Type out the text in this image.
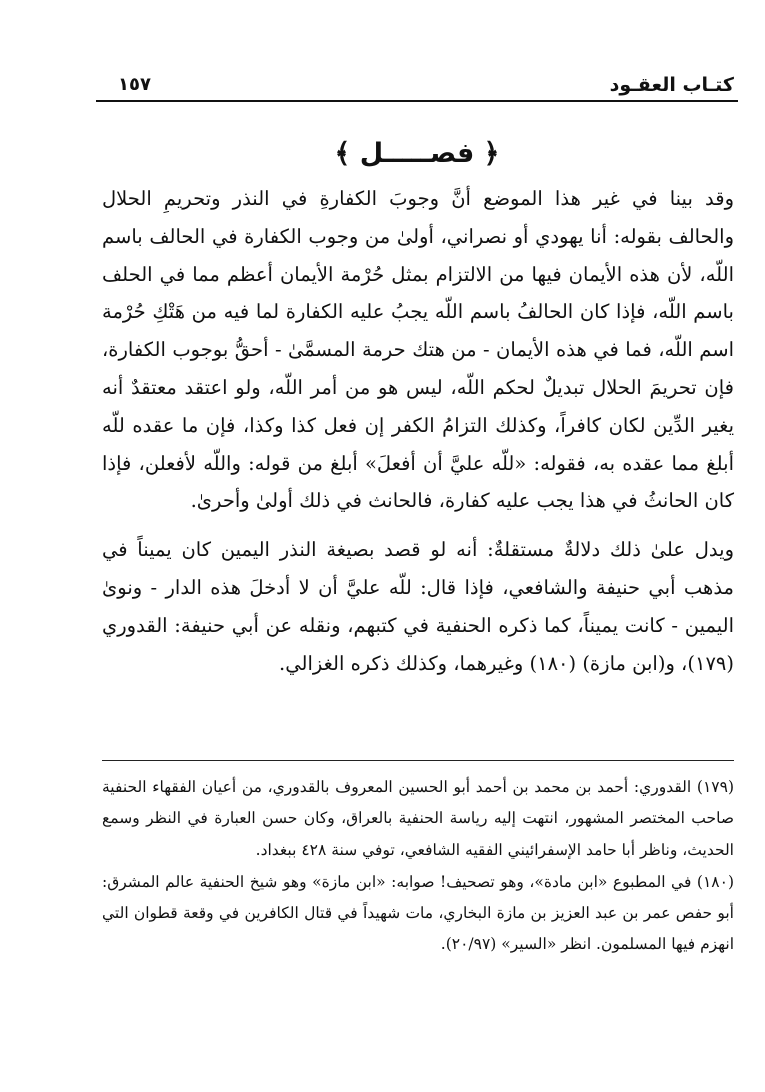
كتـاب العقـود
١٥٧
﴿ فصـــــل ﴾

وقد بينا في غير هذا الموضع أنَّ وجوبَ الكفارةِ في النذر وتحريمِ الحلال والحالف بقوله: أنا يهودي أو نصراني، أولىٰ من وجوب الكفارة في الحالف باسم اللّه، لأن هذه الأيمان فيها من الالتزام بمثل حُرْمة الأيمان أعظم مما في الحلف باسم اللّه، فإذا كان الحالفُ باسم اللّه يجبُ عليه الكفارة لما فيه من هَتْكِ حُرْمة اسم اللّه، فما في هذه الأيمان - من هتك حرمة المسمَّىٰ - أحقُّ بوجوب الكفارة، فإن تحريمَ الحلال تبديلٌ لحكم اللّه، ليس هو من أمر اللّه، ولو اعتقد معتقدٌ أنه يغير الدِّين لكان كافراً، وكذلك التزامُ الكفر إن فعل كذا وكذا، فإن ما عقده للّه أبلغ مما عقده به، فقوله: «للّه عليَّ أن أفعلَ» أبلغ من قوله: واللّه لأفعلن، فإذا كان الحانثُ في هذا يجب عليه كفارة، فالحانث في ذلك أولىٰ وأحرىٰ.

ويدل علىٰ ذلك دلالةٌ مستقلةٌ: أنه لو قصد بصيغة النذر اليمين كان يميناً في مذهب أبي حنيفة والشافعي، فإذا قال: للّه عليَّ أن لا أدخلَ هذه الدار - ونوىٰ اليمين - كانت يميناً، كما ذكره الحنفية في كتبهم، ونقله عن أبي حنيفة: القدوري (١٧٩)، و(ابن مازة) (١٨٠) وغيرهما، وكذلك ذكره الغزالي.

(١٧٩) القدوري: أحمد بن محمد بن أحمد أبو الحسين المعروف بالقدوري، من أعيان الفقهاء الحنفية صاحب المختصر المشهور، انتهت إليه رياسة الحنفية بالعراق، وكان حسن العبارة في النظر وسمع الحديث، وناظر أبا حامد الإسفرائيني الفقيه الشافعي، توفي سنة ٤٢٨ ببغداد.
(١٨٠) في المطبوع «ابن مادة»، وهو تصحيف! صوابه: «ابن مازة» وهو شيخ الحنفية عالم المشرق: أبو حفص عمر بن عبد العزيز بن مازة البخاري، مات شهيداً في قتال الكافرين في وقعة قطوان التي انهزم فيها المسلمون. انظر «السير» (٢٠/٩٧).
